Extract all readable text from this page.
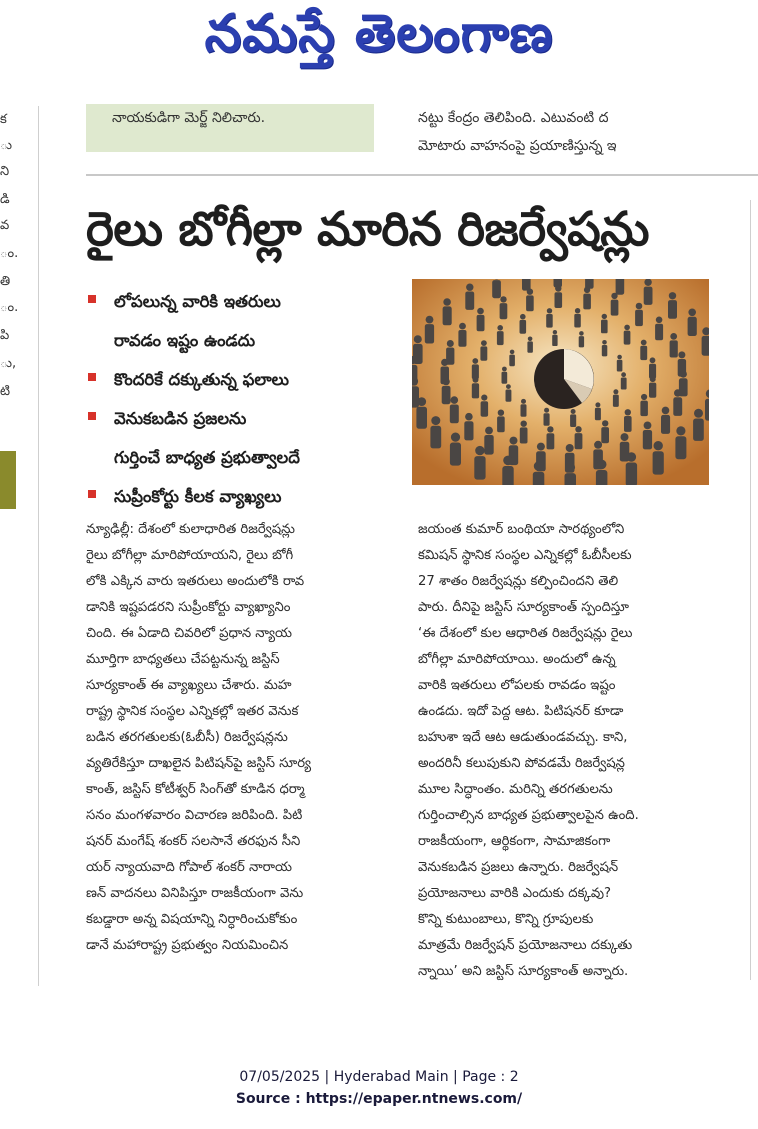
నమస్తే తెలంగాణ
క
ు
ని
డి
వ
ం.
తి
ం.
పి
ు,
టి

నాయకుడిగా మెర్జ్‌ నిలిచారు.	నట్టు కేంద్రం తెలిపింది. ఎటువంటి ద

మోటారు వాహనంపై ప్రయాణిస్తున్న ఇ

రైలు బోగీల్లా మారిన రిజర్వేషన్లు
లోపలున్న వారికి ఇతరులు
రావడం ఇష్టం ఉండదు
కొందరికే దక్కుతున్న ఫలాలు
వెనుకబడిన ప్రజలను
గుర్తించే బాధ్యత ప్రభుత్వాలదే
సుప్రీంకోర్టు కీలక వ్యాఖ్యలు

న్యూఢిల్లీ: దేశంలో కులాధారిత రిజర్వేషన్లు

రైలు బోగీల్లా మారిపోయాయని, రైలు బోగీ

లోకి ఎక్కిన వారు ఇతరులు అందులోకి రావ

డానికి ఇష్టపడరని సుప్రీంకోర్టు వ్యాఖ్యానిం

చింది. ఈ ఏడాది చివరిలో ప్రధాన న్యాయ

మూర్తిగా బాధ్యతలు చేపట్టనున్న జస్టిస్‌

సూర్యకాంత్‌ ఈ వ్యాఖ్యలు చేశారు. మహ

రాష్ట్ర స్థానిక సంస్థల ఎన్నికల్లో ఇతర వెనుక

బడిన తరగతులకు(ఓబీసీ) రిజర్వేషన్లను

వ్యతిరేకిస్తూ దాఖలైన పిటిషన్‌పై జస్టిస్‌ సూర్య

కాంత్‌, జస్టిస్‌ కోటీశ్వర్‌ సింగ్‌తో కూడిన ధర్మా

సనం మంగళవారం విచారణ జరిపింది. పిటి

షనర్‌ మంగేష్‌ శంకర్‌ సలసానే తరఫున సీని

యర్‌ న్యాయవాది గోపాల్‌ శంకర్‌ నారాయ

ణన్‌ వాదనలు వినిపిస్తూ రాజకీయంగా వెను

కబడ్డారా అన్న విషయాన్ని నిర్ధారించుకోకుం

డానే మహారాష్ట్ర ప్రభుత్వం నియమించిన

జయంత కుమార్‌ బంథియా సారథ్యంలోని

కమిషన్‌ స్థానిక సంస్థల ఎన్నికల్లో ఓబీసీలకు

27 శాతం రిజర్వేషన్లు కల్పించిందని తెలి

పారు. దీనిపై జస్టిస్‌ సూర్యకాంత్‌ స్పందిస్తూ

‘ఈ దేశంలో కుల ఆధారిత రిజర్వేషన్లు రైలు

బోగీల్లా మారిపోయాయి. అందులో ఉన్న

వారికి ఇతరులు లోపలకు రావడం ఇష్టం

ఉండదు. ఇదో పెద్ద ఆట. పిటిషనర్‌ కూడా

బహుశా ఇదే ఆట ఆడుతుండవచ్చు. కాని,

అందరినీ కలుపుకుని పోవడమే రిజర్వేషన్ల

మూల సిద్ధాంతం. మరిన్ని తరగతులను

గుర్తించాల్సిన బాధ్యత ప్రభుత్వాలపైన ఉంది.

రాజకీయంగా, ఆర్థికంగా, సామాజికంగా

వెనుకబడిన ప్రజలు ఉన్నారు. రిజర్వేషన్‌

ప్రయోజనాలు వారికి ఎందుకు దక్కవు?

కొన్ని కుటుంబాలు, కొన్ని గ్రూపులకు

మాత్రమే రిజర్వేషన్‌ ప్రయోజనాలు దక్కుతు

న్నాయి’ అని జస్టిస్‌ సూర్యకాంత్‌ అన్నారు.

07/05/2025 | Hyderabad Main | Page : 2
Source : https://epaper.ntnews.com/
